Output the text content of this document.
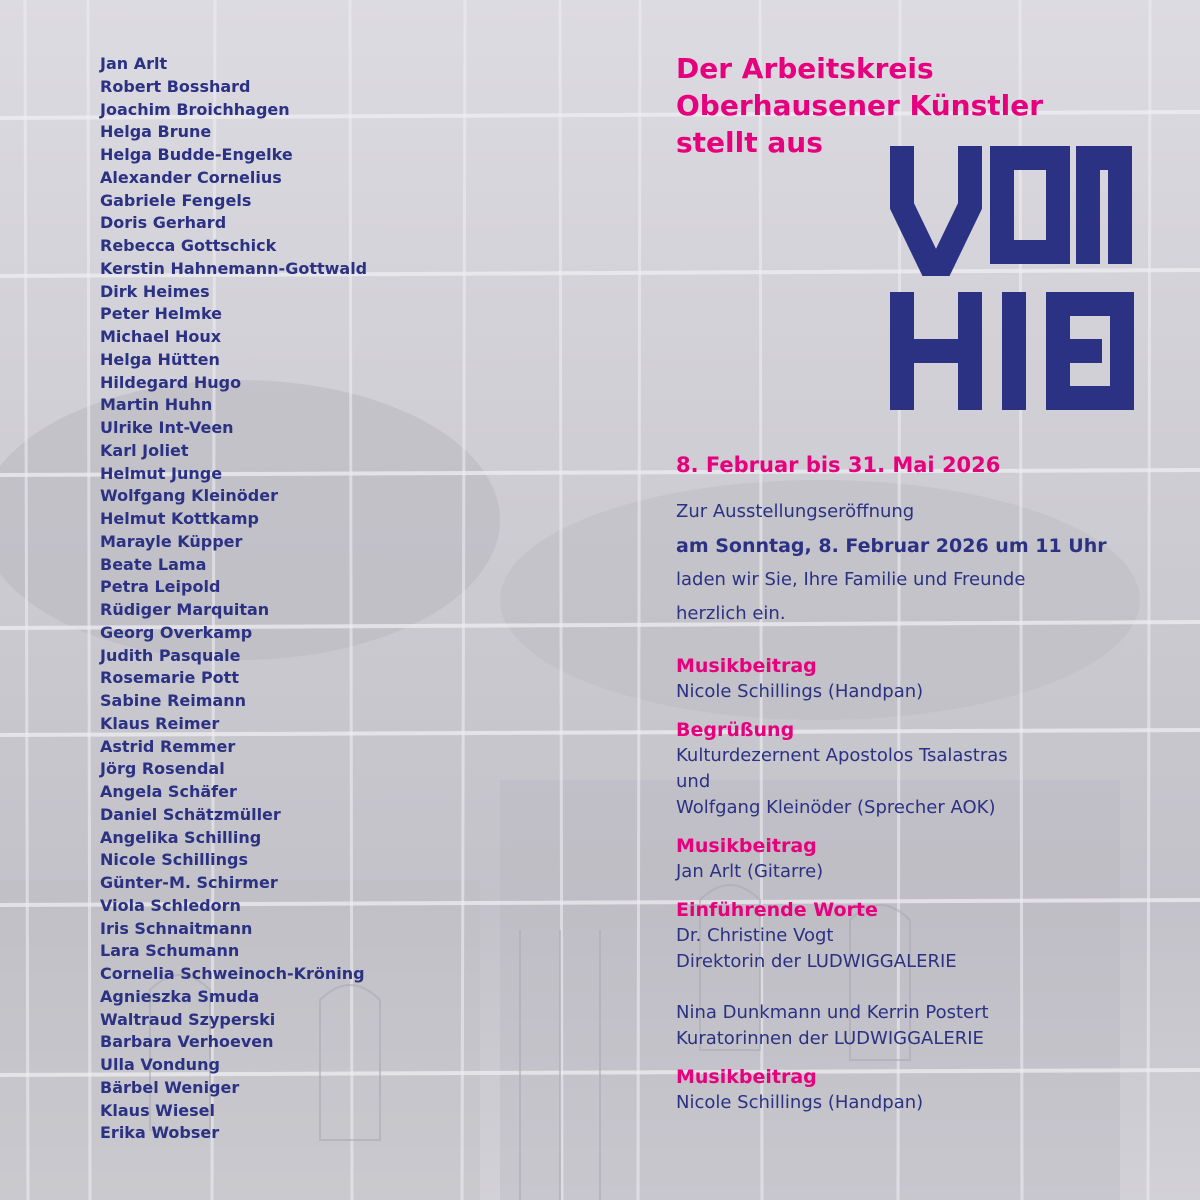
Jan Arlt
Robert Bosshard
Joachim Broichhagen
Helga Brune
Helga Budde-Engelke
Alexander Cornelius
Gabriele Fengels
Doris Gerhard
Rebecca Gottschick
Kerstin Hahnemann-Gottwald
Dirk Heimes
Peter Helmke
Michael Houx
Helga Hütten
Hildegard Hugo
Martin Huhn
Ulrike Int-Veen
Karl Joliet
Helmut Junge
Wolfgang Kleinöder
Helmut Kottkamp
Marayle Küpper
Beate Lama
Petra Leipold
Rüdiger Marquitan
Georg Overkamp
Judith Pasquale
Rosemarie Pott
Sabine Reimann
Klaus Reimer
Astrid Remmer
Jörg Rosendal
Angela Schäfer
Daniel Schätzmüller
Angelika Schilling
Nicole Schillings
Günter-M. Schirmer
Viola Schledorn
Iris Schnaitmann
Lara Schumann
Cornelia Schweinoch-Kröning
Agnieszka Smuda
Waltraud Szyperski
Barbara Verhoeven
Ulla Vondung
Bärbel Weniger
Klaus Wiesel
Erika Wobser
Der Arbeitskreis
Oberhausener Künstler
stellt aus
8. Februar bis 31. Mai 2026
Zur Ausstellungseröffnung
am Sonntag, 8. Februar 2026 um 11 Uhr
laden wir Sie, Ihre Familie und Freunde
herzlich ein.
Musikbeitrag
Nicole Schillings (Handpan)
Begrüßung
Kulturdezernent Apostolos Tsalastras
und
Wolfgang Kleinöder (Sprecher AOK)
Musikbeitrag
Jan Arlt (Gitarre)
Einführende Worte
Dr. Christine Vogt
Direktorin der LUDWIGGALERIE
Nina Dunkmann und Kerrin Postert
Kuratorinnen der LUDWIGGALERIE
Musikbeitrag
Nicole Schillings (Handpan)
